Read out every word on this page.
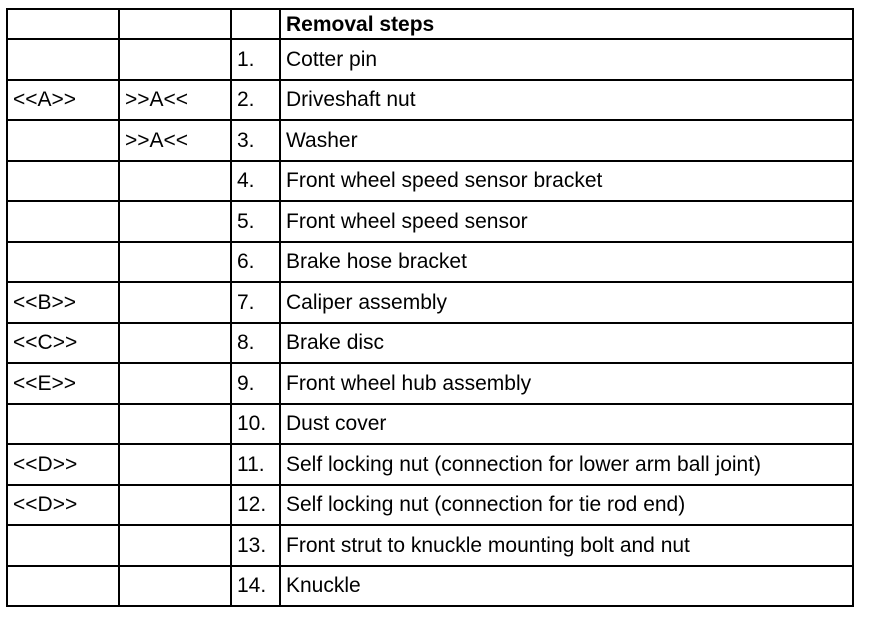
			Removal steps
		1.	Cotter pin
<<A>>	>>A<<	2.	Driveshaft nut
	>>A<<	3.	Washer
		4.	Front wheel speed sensor bracket
		5.	Front wheel speed sensor
		6.	Brake hose bracket
<<B>>		7.	Caliper assembly
<<C>>		8.	Brake disc
<<E>>		9.	Front wheel hub assembly
		10.	Dust cover
<<D>>		11.	Self locking nut (connection for lower arm ball joint)
<<D>>		12.	Self locking nut (connection for tie rod end)
		13.	Front strut to knuckle mounting bolt and nut
		14.	Knuckle
